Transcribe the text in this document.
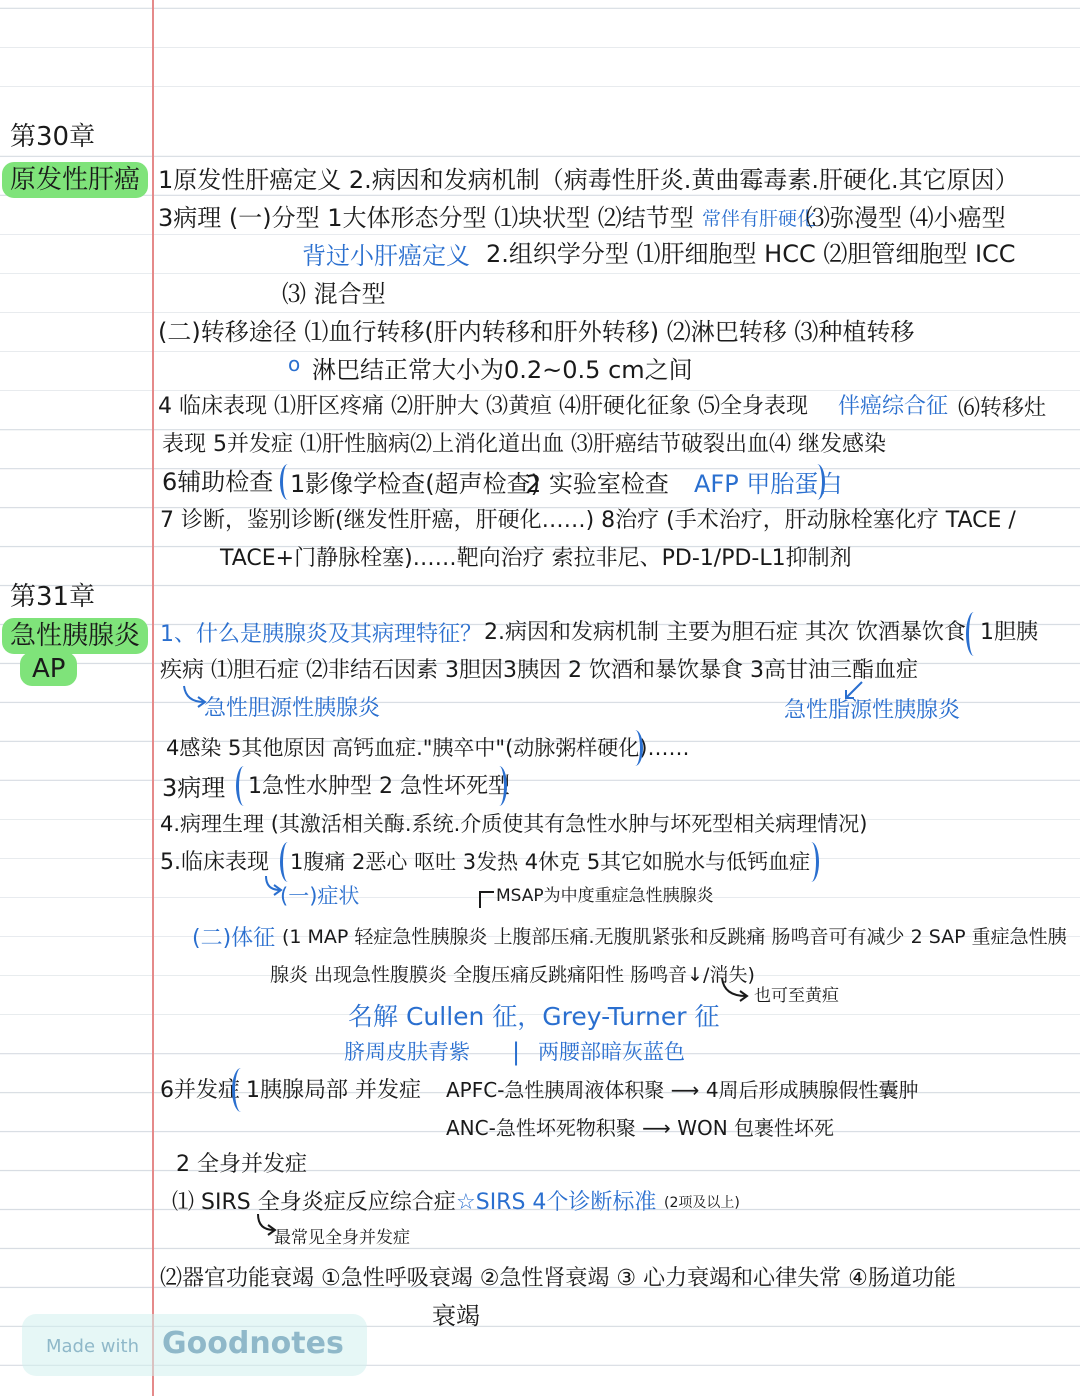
第30章
原发性肝癌 1原发性肝癌定义 2.病因和发病机制（病毒性肝炎.黄曲霉毒素.肝硬化.其它原因）
3病理 (一)分型 1大体形态分型 ⑴块状型 ⑵结节型 常伴有肝硬化
⑶弥漫型 ⑷小癌型
背过小肝癌定义 2.组织学分型 ⑴肝细胞型 HCC ⑵胆管细胞型 ICC
⑶ 混合型
(二)转移途径 ⑴血行转移(肝内转移和肝外转移) ⑵淋巴转移 ⑶种植转移
o 淋巴结正常大小为0.2~0.5 cm之间
4 临床表现 ⑴肝区疼痛 ⑵肝肿大 ⑶黄疸 ⑷肝硬化征象 ⑸全身表现 伴癌综合征 ⑹转移灶
表现 5并发症 ⑴肝性脑病⑵上消化道出血 ⑶肝癌结节破裂出血⑷ 继发感染
6辅助检查 1影像学检查(超声检查)
2 实验室检查 AFP 甲胎蛋白
7 诊断，鉴别诊断(继发性肝癌，肝硬化……) 8治疗 (手术治疗，肝动脉栓塞化疗 TACE /
TACE+门静脉栓塞)……靶向治疗 索拉非尼、PD-1/PD-L1抑制剂
第31章
急性胰腺炎
AP
1、什么是胰腺炎及其病理特征？ 2.病因和发病机制 主要为胆石症 其次 饮酒暴饮食 1胆胰
疾病 ⑴胆石症 ⑵非结石因素 3胆因3胰因 2 饮酒和暴饮暴食 3高甘油三酯血症
急性胆源性胰腺炎	急性脂源性胰腺炎
4感染 5其他原因 高钙血症."胰卒中"(动脉粥样硬化)……
3病理 1急性水肿型 2 急性坏死型
4.病理生理 (其激活相关酶.系统.介质使其有急性水肿与坏死型相关病理情况)
5.临床表现 1腹痛 2恶心 呕吐 3发热 4休克 5其它如脱水与低钙血症
(一)症状	MSAP为中度重症急性胰腺炎
(二)体征 (1 MAP 轻症急性胰腺炎 上腹部压痛.无腹肌紧张和反跳痛 肠鸣音可有减少 2 SAP 重症急性胰
腺炎 出现急性腹膜炎 全腹压痛反跳痛阳性 肠鸣音↓/消失)
也可至黄疸
名解 Cullen 征，Grey-Turner 征
脐周皮肤青紫 | 两腰部暗灰蓝色
6并发症 1胰腺局部 并发症 APFC-急性胰周液体积聚 ⟶ 4周后形成胰腺假性囊肿
ANC-急性坏死物积聚 ⟶ WON 包裹性坏死
2 全身并发症
⑴ SIRS 全身炎症反应综合症 ☆SIRS 4个诊断标准 (2项及以上)
最常见全身并发症
⑵器官功能衰竭 ①急性呼吸衰竭 ②急性肾衰竭 ③ 心力衰竭和心律失常 ④肠道功能
衰竭
Made with Goodnotes
